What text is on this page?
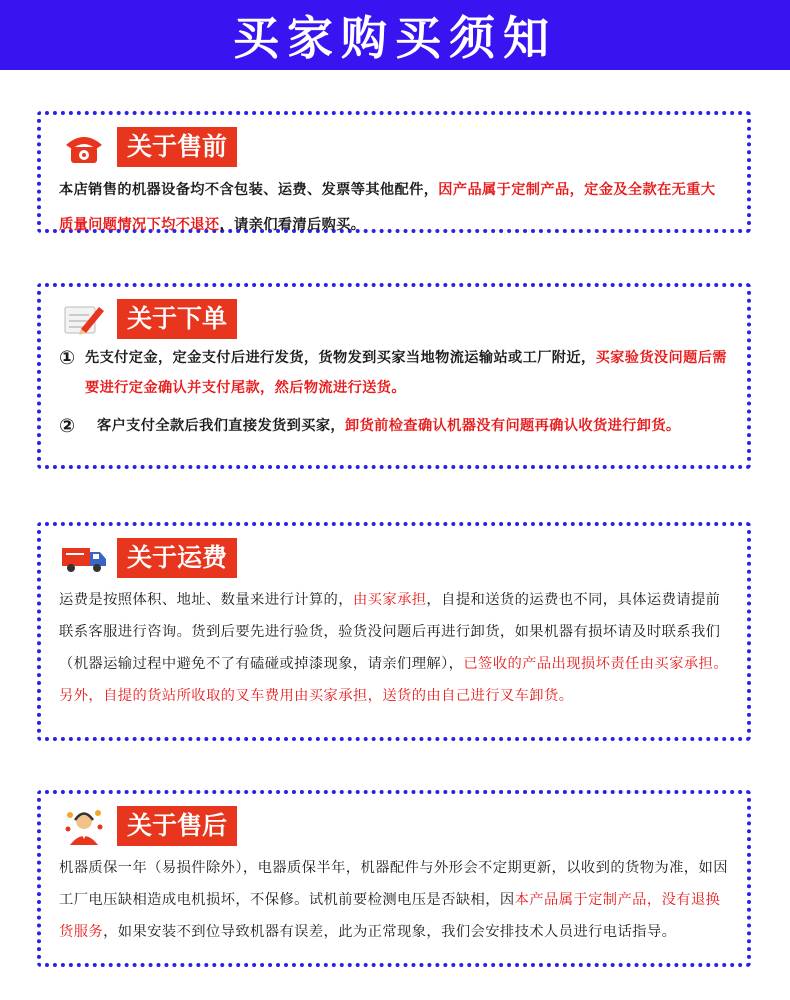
买家购买须知
关于售前
本店销售的机器设备均不含包装、运费、发票等其他配件，因产品属于定制产品，定金及全款在无重大质量问题情况下均不退还，请亲们看清后购买。
关于下单
① 先支付定金，定金支付后进行发货，货物发到买家当地物流运输站或工厂附近，买家验货没问题后需要进行定金确认并支付尾款，然后物流进行送货。
②	客户支付全款后我们直接发货到买家，卸货前检查确认机器没有问题再确认收货进行卸货。
关于运费
运费是按照体积、地址、数量来进行计算的，由买家承担，自提和送货的运费也不同，具体运费请提前联系客服进行咨询。货到后要先进行验货，验货没问题后再进行卸货，如果机器有损坏请及时联系我们（机器运输过程中避免不了有磕碰或掉漆现象，请亲们理解），已签收的产品出现损坏责任由买家承担。另外，自提的货站所收取的叉车费用由买家承担，送货的由自己进行叉车卸货。
关于售后
机器质保一年（易损件除外），电器质保半年，机器配件与外形会不定期更新，以收到的货物为准，如因工厂电压缺相造成电机损坏，不保修。试机前要检测电压是否缺相，因本产品属于定制产品，没有退换货服务，如果安装不到位导致机器有误差，此为正常现象，我们会安排技术人员进行电话指导。
